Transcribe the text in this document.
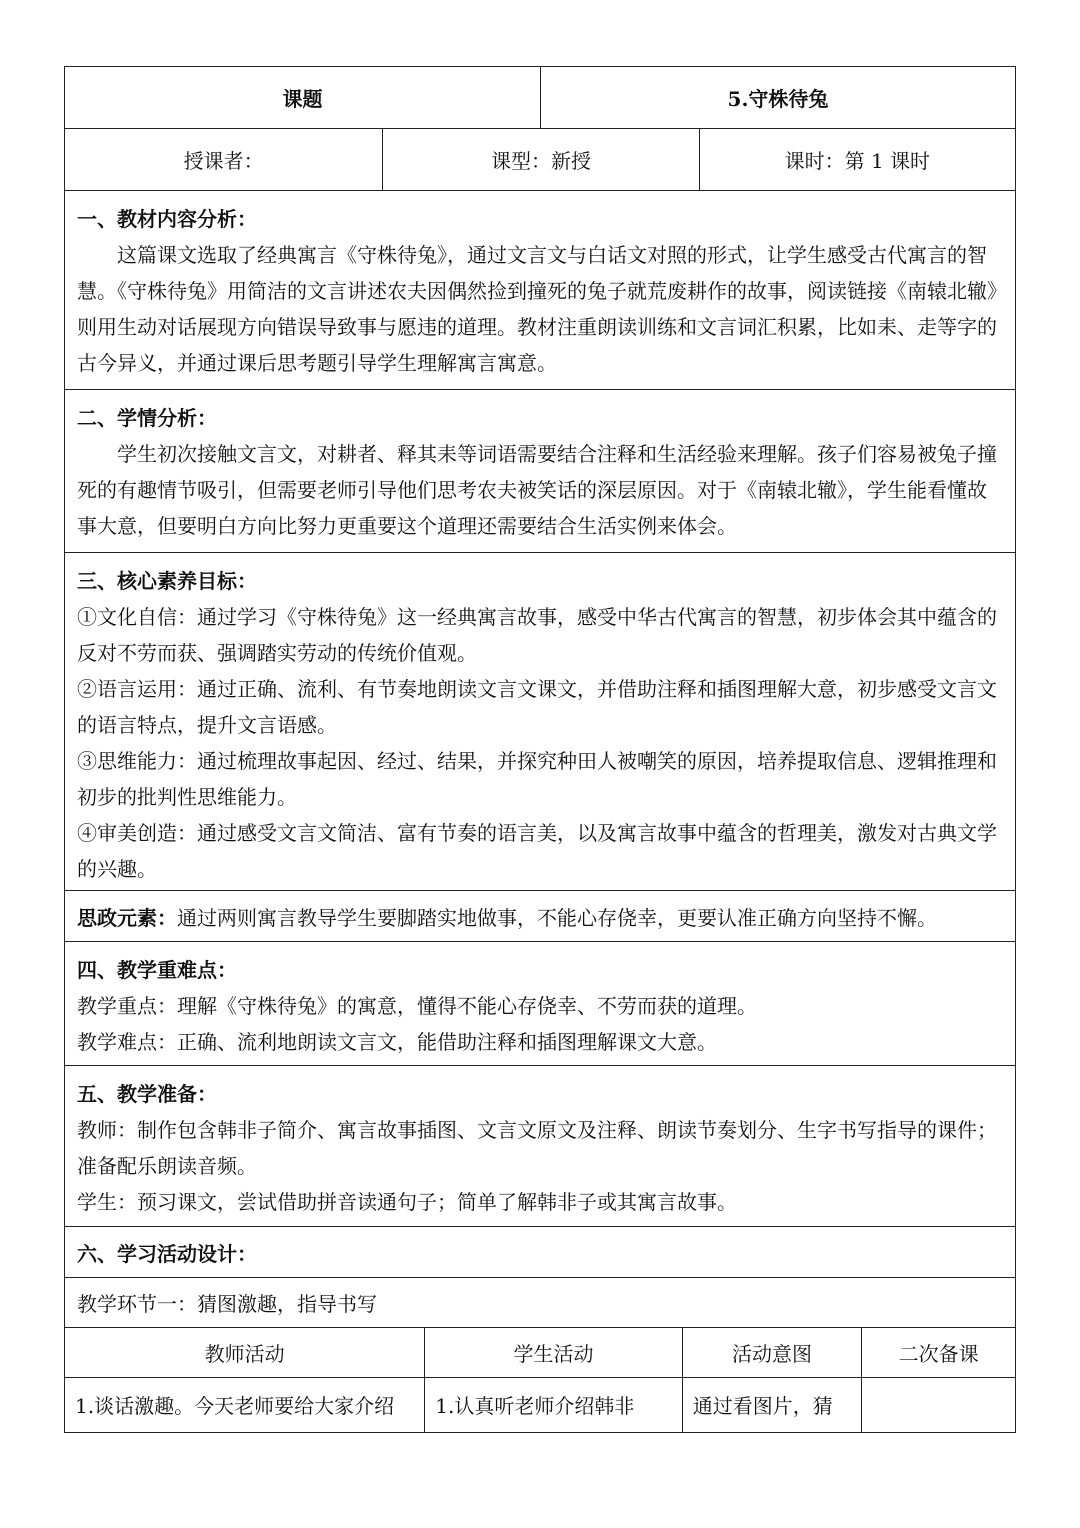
课题	5.守株待兔
授课者：	课型：新授	课时：第 1 课时
一、教材内容分析：

这篇课文选取了经典寓言《守株待兔》，通过文言文与白话文对照的形式，让学生感受古代寓言的智慧。《守株待兔》用简洁的文言讲述农夫因偶然捡到撞死的兔子就荒废耕作的故事，阅读链接《南辕北辙》则用生动对话展现方向错误导致事与愿违的道理。教材注重朗读训练和文言词汇积累，比如耒、走等字的古今异义，并通过课后思考题引导学生理解寓言寓意。

二、学情分析：

学生初次接触文言文，对耕者、释其耒等词语需要结合注释和生活经验来理解。孩子们容易被兔子撞死的有趣情节吸引，但需要老师引导他们思考农夫被笑话的深层原因。对于《南辕北辙》，学生能看懂故事大意，但要明白方向比努力更重要这个道理还需要结合生活实例来体会。

三、核心素养目标：

①文化自信：通过学习《守株待兔》这一经典寓言故事，感受中华古代寓言的智慧，初步体会其中蕴含的反对不劳而获、强调踏实劳动的传统价值观。

②语言运用：通过正确、流利、有节奏地朗读文言文课文，并借助注释和插图理解大意，初步感受文言文的语言特点，提升文言语感。

③思维能力：通过梳理故事起因、经过、结果，并探究种田人被嘲笑的原因，培养提取信息、逻辑推理和初步的批判性思维能力。

④审美创造：通过感受文言文简洁、富有节奏的语言美，以及寓言故事中蕴含的哲理美，激发对古典文学的兴趣。

思政元素： 通过两则寓言教导学生要脚踏实地做事，不能心存侥幸，更要认准正确方向坚持不懈。
四、教学重难点：

教学重点：理解《守株待兔》的寓意，懂得不能心存侥幸、不劳而获的道理。

教学难点：正确、流利地朗读文言文，能借助注释和插图理解课文大意。

五、教学准备：

教师：制作包含韩非子简介、寓言故事插图、文言文原文及注释、朗读节奏划分、生字书写指导的课件；准备配乐朗读音频。

学生：预习课文，尝试借助拼音读通句子；简单了解韩非子或其寓言故事。

六、学习活动设计：
教学环节一：猜图激趣，指导书写
教师活动	学生活动	活动意图	二次备课
1.谈话激趣。今天老师要给大家介绍	1.认真听老师介绍韩非	通过看图片，猜
